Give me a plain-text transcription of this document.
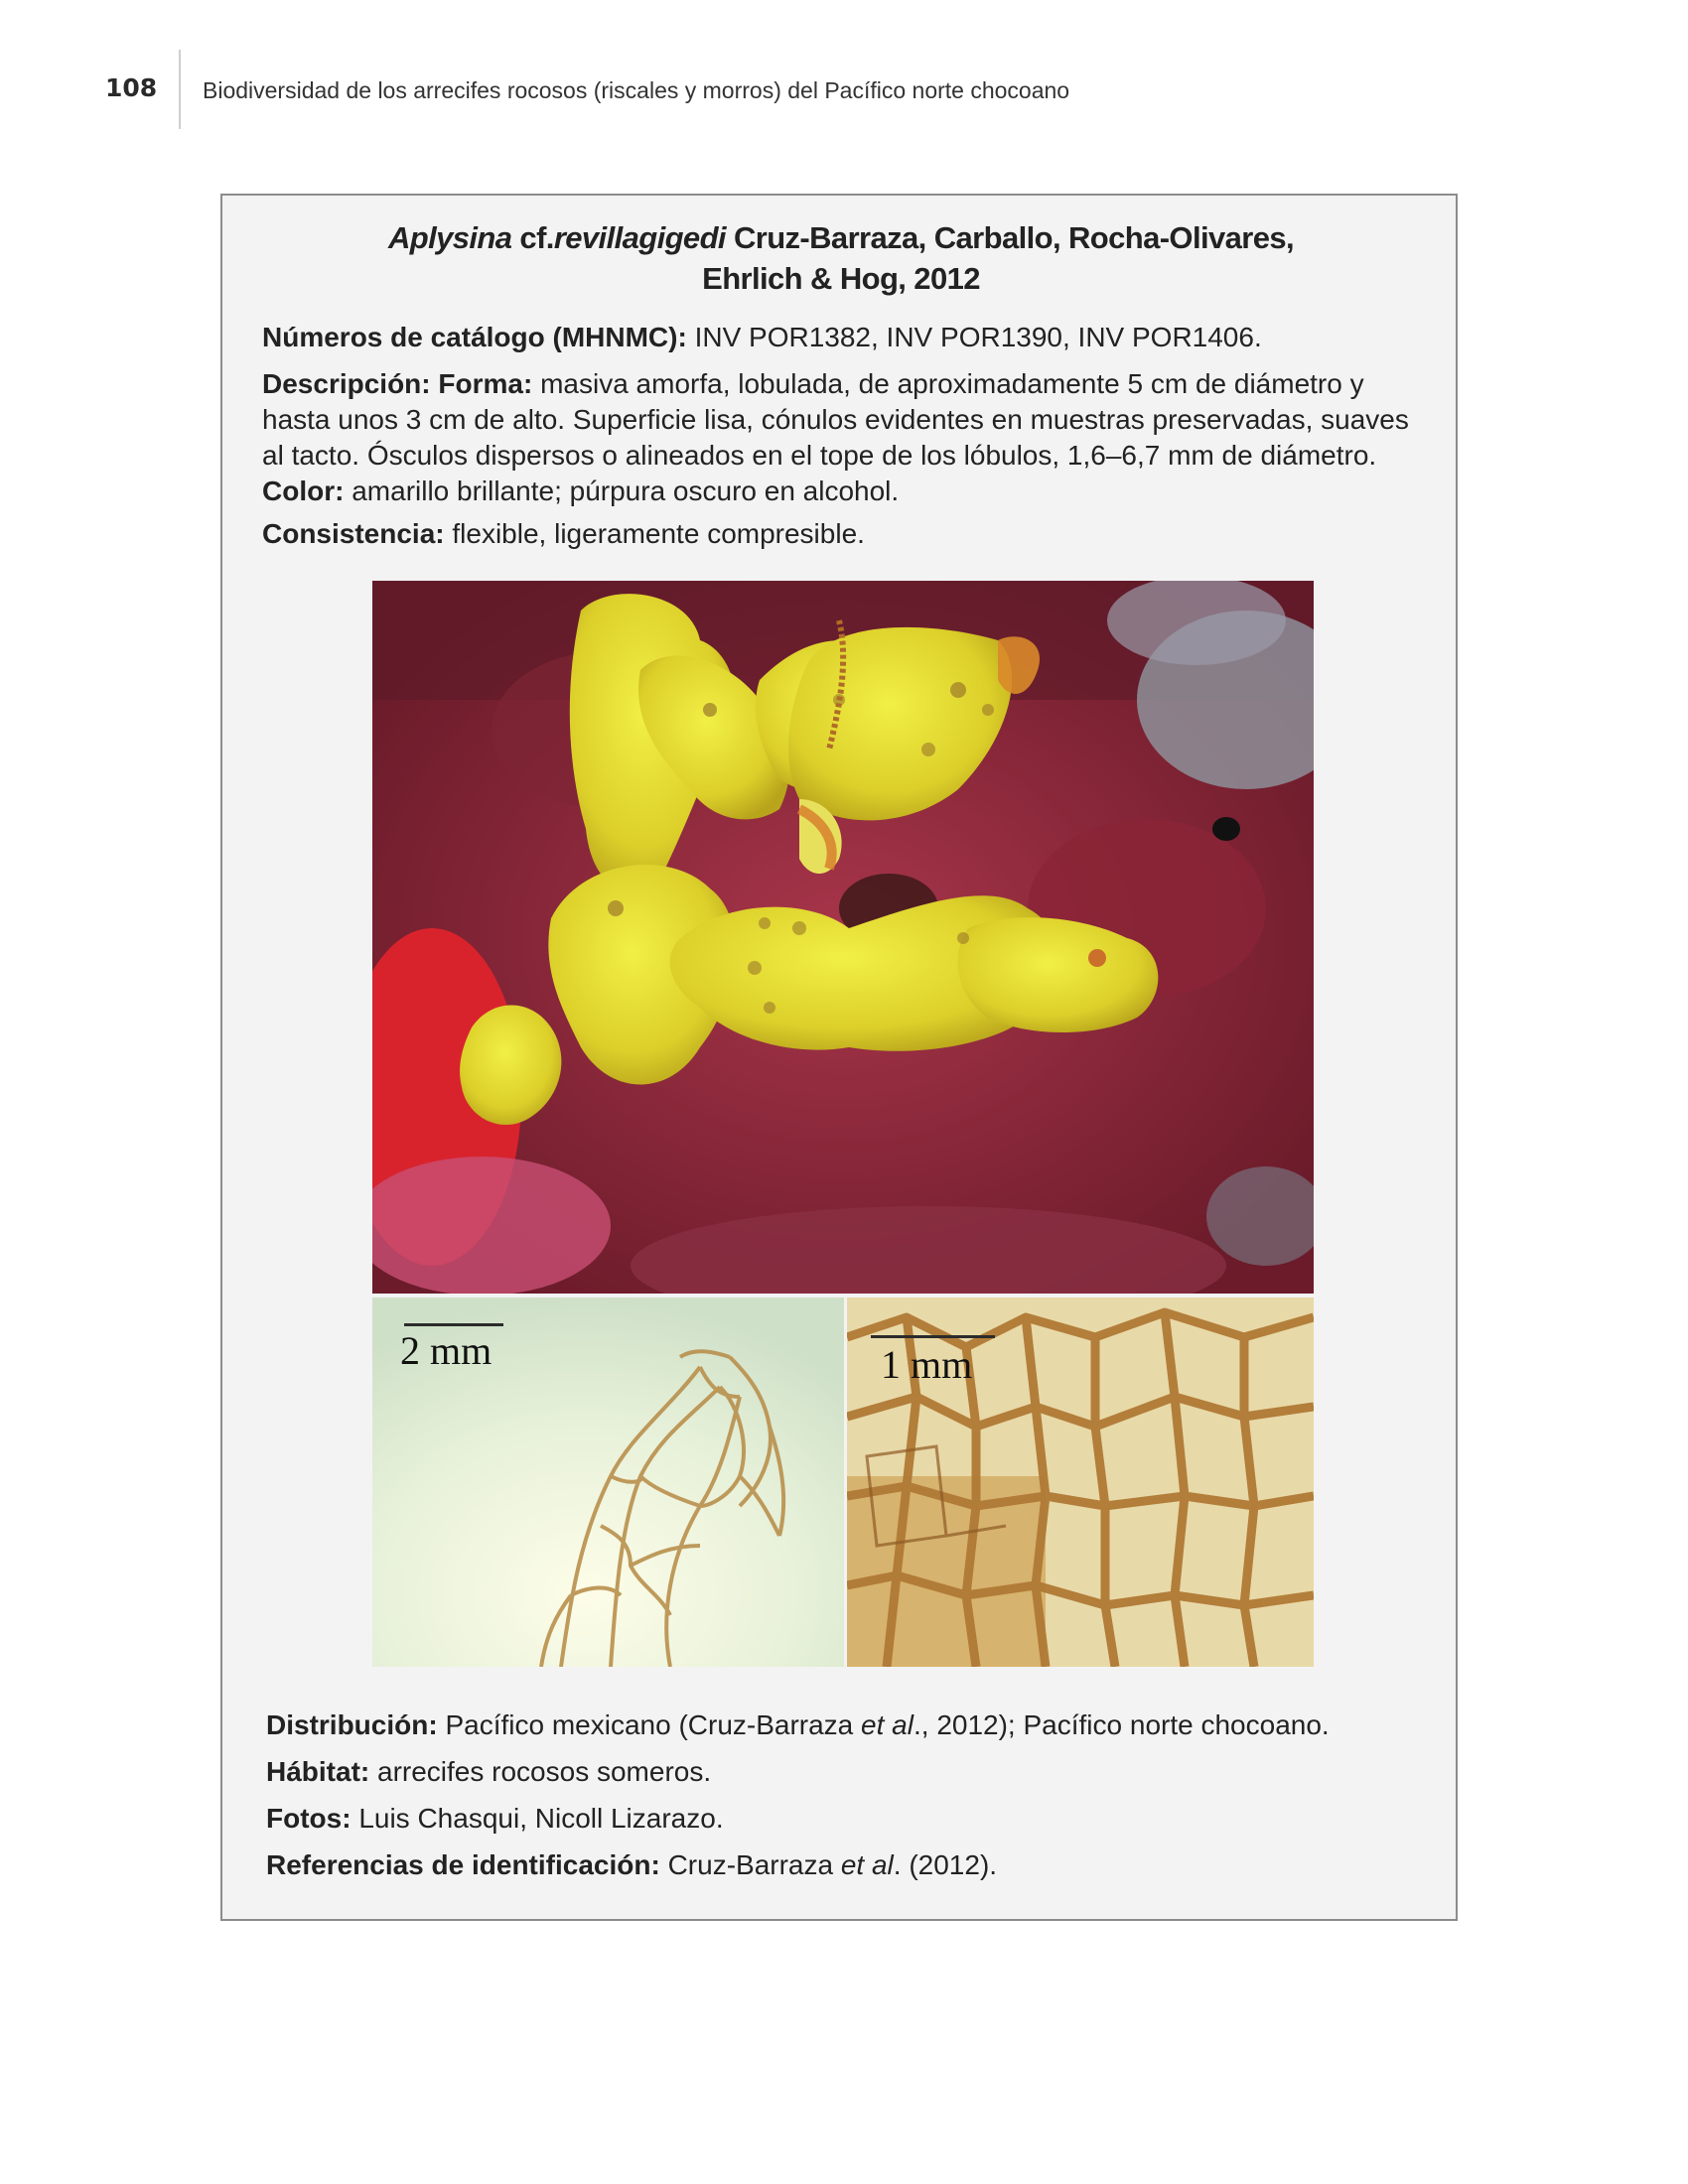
108 Biodiversidad de los arrecifes rocosos (riscales y morros) del Pacífico norte chocoano
Aplysina cf.revillagigedi Cruz-Barraza, Carballo, Rocha-Olivares,
Ehrlich & Hog, 2012
Números de catálogo (MHNMC): INV POR1382, INV POR1390, INV POR1406.
Descripción: Forma: masiva amorfa, lobulada, de aproximadamente 5 cm de diámetro y hasta unos 3 cm de alto. Superficie lisa, cónulos evidentes en muestras preservadas, suaves al tacto. Ósculos dispersos o alineados en el tope de los lóbulos, 1,6–6,7 mm de diámetro. Color: amarillo brillante; púrpura oscuro en alcohol.
Consistencia: flexible, ligeramente compresible.
2 mm	1 mm
Distribución: Pacífico mexicano (Cruz-Barraza et al., 2012); Pacífico norte chocoano.
Hábitat: arrecifes rocosos someros.
Fotos: Luis Chasqui, Nicoll Lizarazo.
Referencias de identificación: Cruz-Barraza et al. (2012).
